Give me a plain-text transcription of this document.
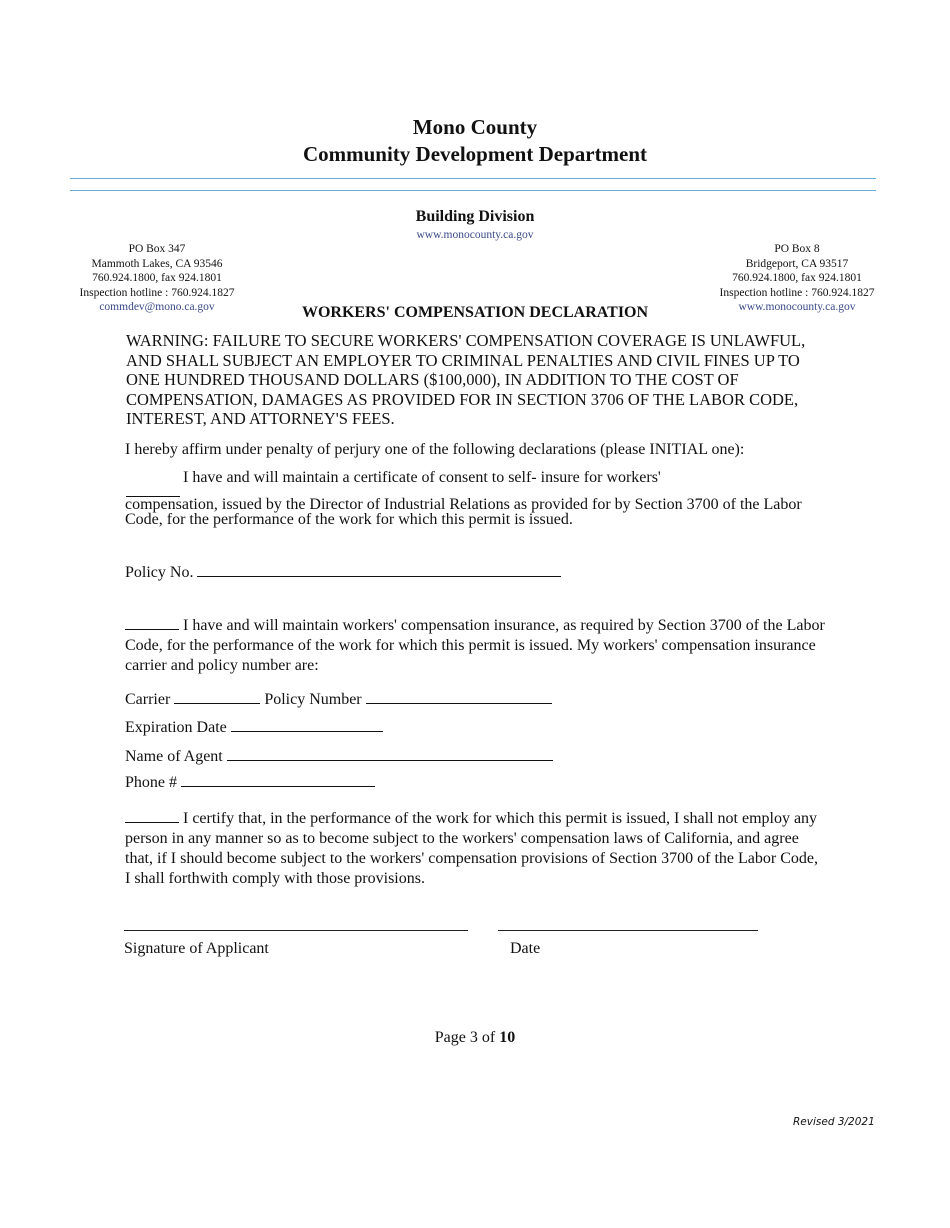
Mono County
Community Development Department
Building Division
www.monocounty.ca.gov
PO Box 347
Mammoth Lakes, CA 93546
760.924.1800, fax 924.1801
Inspection hotline : 760.924.1827
commdev@mono.ca.gov
PO Box 8
Bridgeport, CA 93517
760.924.1800, fax 924.1801
Inspection hotline : 760.924.1827
www.monocounty.ca.gov
WORKERS' COMPENSATION DECLARATION
WARNING: FAILURE TO SECURE WORKERS' COMPENSATION COVERAGE IS UNLAWFUL, AND SHALL SUBJECT AN EMPLOYER TO CRIMINAL PENALTIES AND CIVIL FINES UP TO ONE HUNDRED THOUSAND DOLLARS ($100,000), IN ADDITION TO THE COST OF COMPENSATION, DAMAGES AS PROVIDED FOR IN SECTION 3706 OF THE LABOR CODE, INTEREST, AND ATTORNEY'S FEES.
I hereby affirm under penalty of perjury one of the following declarations (please INITIAL one):
I have and will maintain a certificate of consent to self- insure for workers'
compensation, issued by the Director of Industrial Relations as provided for by Section 3700 of the Labor Code, for the performance of the work for which this permit is issued.
Policy No.
I have and will maintain workers' compensation insurance, as required by Section 3700 of the Labor Code, for the performance of the work for which this permit is issued. My workers' compensation insurance carrier and policy number are:
Carrier	Policy Number
Expiration Date
Name of Agent
Phone #
I certify that, in the performance of the work for which this permit is issued, I shall not employ any person in any manner so as to become subject to the workers' compensation laws of California, and agree that, if I should become subject to the workers' compensation provisions of Section 3700 of the Labor Code, I shall forthwith comply with those provisions.
Signature of Applicant	Date
Page 3 of 10
Revised 3/2021
